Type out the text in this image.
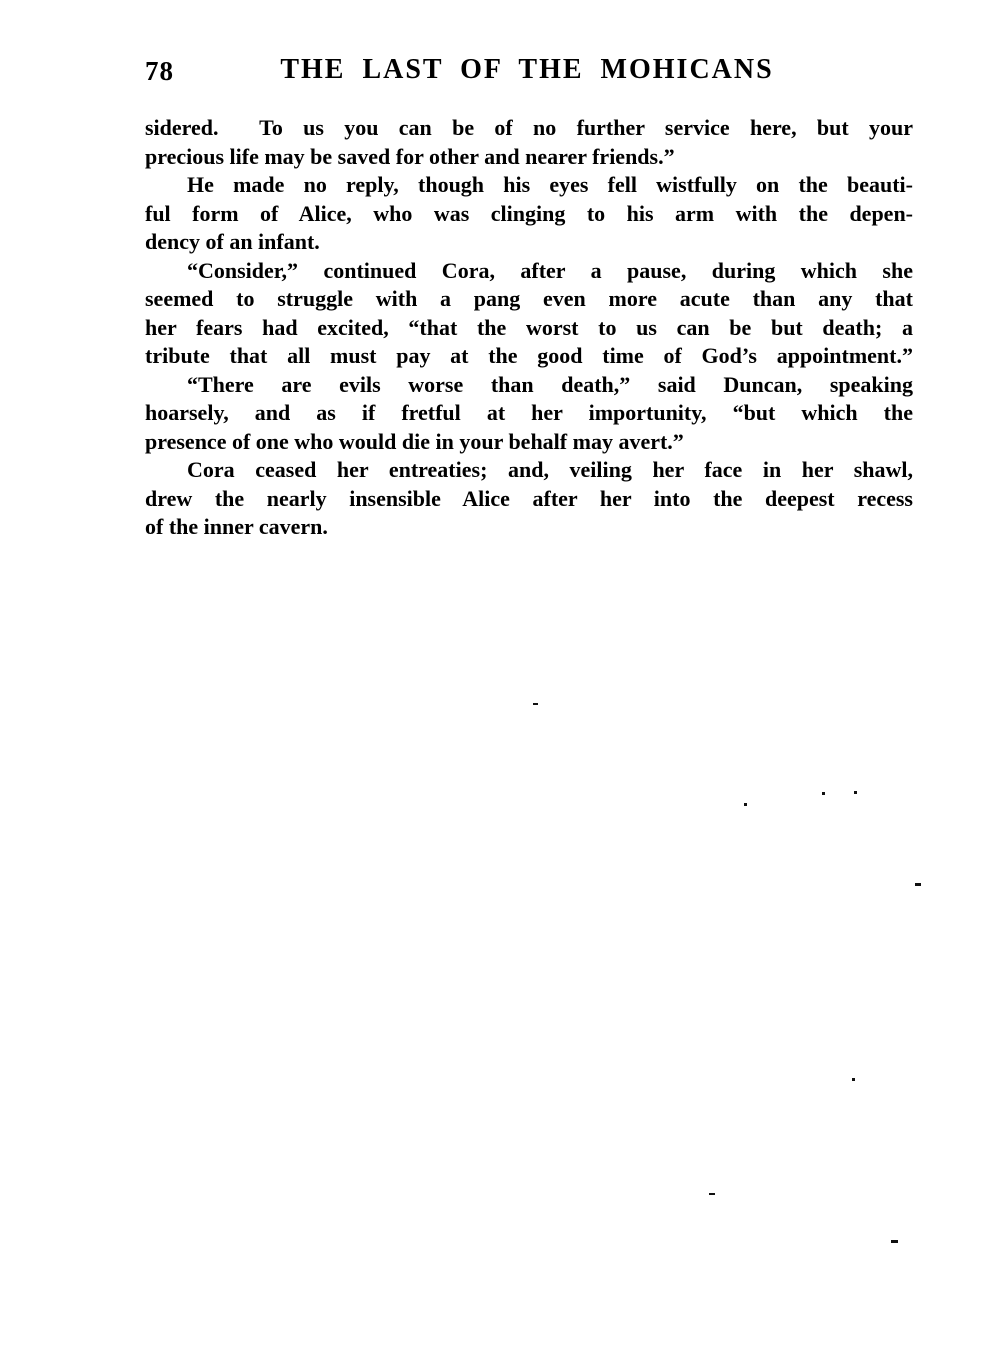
78	THE LAST OF THE MOHICANS
sidered.  To us you can be of no further service here, but your
precious life may be saved for other and nearer friends.”
He made no reply, though his eyes fell wistfully on the beauti-
ful form of Alice, who was clinging to his arm with the depen-
dency of an infant.
“Consider,” continued Cora, after a pause, during which she
seemed to struggle with a pang even more acute than any that
her fears had excited, “that the worst to us can be but death; a
tribute that all must pay at the good time of God’s appointment.”
“There are evils worse than death,” said Duncan, speaking
hoarsely, and as if fretful at her importunity, “but which the
presence of one who would die in your behalf may avert.”
Cora ceased her entreaties; and, veiling her face in her shawl,
drew the nearly insensible Alice after her into the deepest recess
of the inner cavern.
